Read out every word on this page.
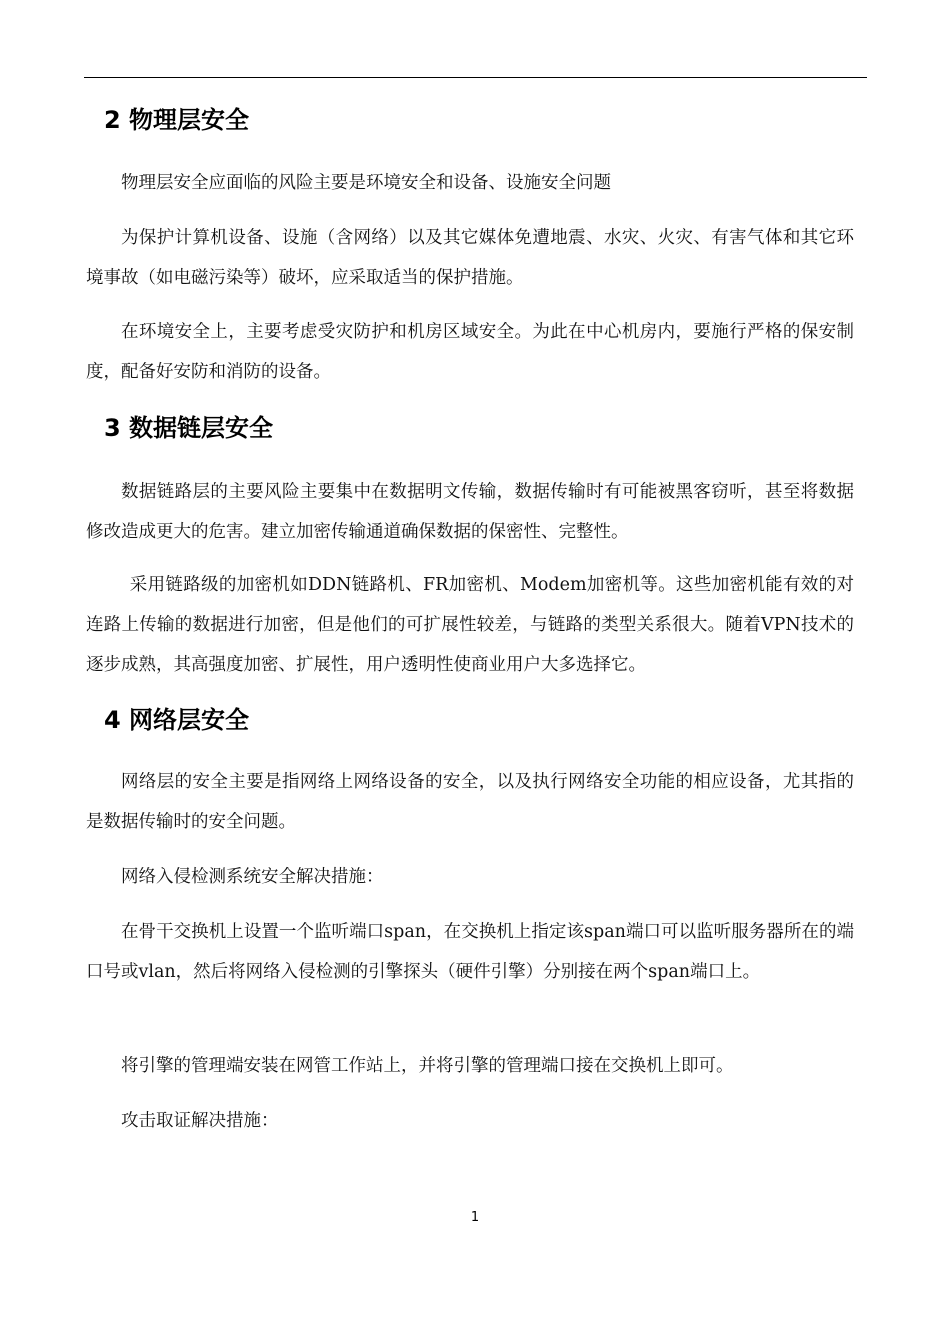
2 物理层安全

物理层安全应面临的风险主要是环境安全和设备、设施安全问题

为保护计算机设备、设施（含网络）以及其它媒体免遭地震、水灾、火灾、有害气体和其它环境事故（如电磁污染等）破坏，应采取适当的保护措施。

在环境安全上，主要考虑受灾防护和机房区域安全。为此在中心机房内，要施行严格的保安制度，配备好安防和消防的设备。

3 数据链层安全

数据链路层的主要风险主要集中在数据明文传输，数据传输时有可能被黑客窃听，甚至将数据修改造成更大的危害。建立加密传输通道确保数据的保密性、完整性。

采用链路级的加密机如DDN链路机、FR加密机、Modem加密机等。这些加密机能有效的对连路上传输的数据进行加密，但是他们的可扩展性较差，与链路的类型关系很大。随着VPN技术的逐步成熟，其高强度加密、扩展性，用户透明性使商业用户大多选择它。

4 网络层安全

网络层的安全主要是指网络上网络设备的安全，以及执行网络安全功能的相应设备，尤其指的是数据传输时的安全问题。

网络入侵检测系统安全解决措施：

在骨干交换机上设置一个监听端口span，在交换机上指定该span端口可以监听服务器所在的端口号或vlan，然后将网络入侵检测的引擎探头（硬件引擎）分别接在两个span端口上。

将引擎的管理端安装在网管工作站上，并将引擎的管理端口接在交换机上即可。

攻击取证解决措施：

1
